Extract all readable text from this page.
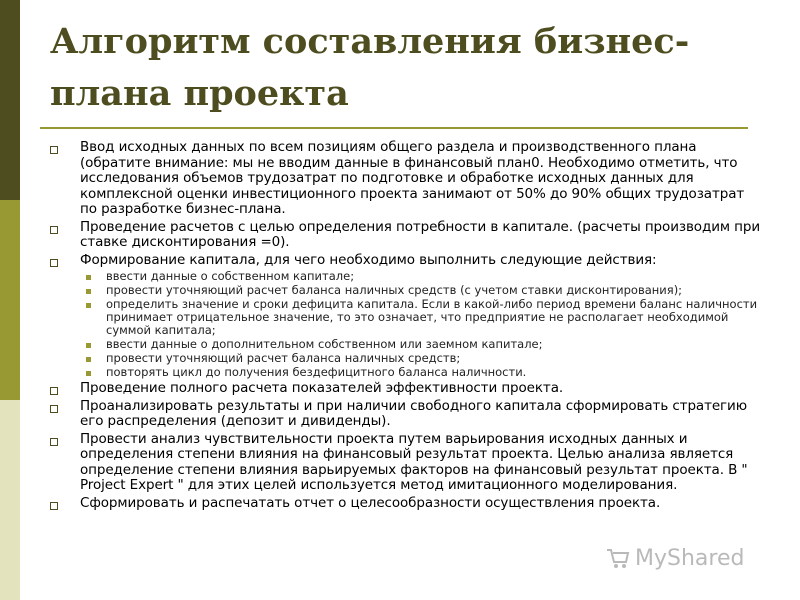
Алгоритм составления бизнес-плана проекта
Ввод исходных данных по всем позициям общего раздела и производственного плана (обратите внимание: мы не вводим данные в финансовый план0. Необходимо отметить, что исследования объемов трудозатрат по подготовке и обработке исходных данных для комплексной оценки инвестиционного проекта занимают от 50% до 90% общих трудозатрат по разработке бизнес-плана.
Проведение расчетов с целью определения потребности в капитале. (расчеты производим при ставке дисконтирования =0).
Формирование капитала, для чего необходимо выполнить следующие действия:
ввести данные о собственном капитале;
провести уточняющий расчет баланса наличных средств (с учетом ставки дисконтирования);
определить значение и сроки дефицита капитала. Если в какой-либо период времени баланс наличности принимает отрицательное значение, то это означает, что предприятие не располагает необходимой суммой капитала;
ввести данные о дополнительном собственном или заемном капитале;
провести уточняющий расчет баланса наличных средств;
повторять цикл до получения бездефицитного баланса наличности.
Проведение полного расчета показателей эффективности проекта.
Проанализировать результаты и при наличии свободного капитала сформировать стратегию его распределения (депозит и дивиденды).
Провести анализ чувствительности проекта путем варьирования исходных данных и определения степени влияния на финансовый результат проекта. Целью анализа является определение степени влияния варьируемых факторов на финансовый результат проекта. В " Project Expert " для этих целей используется метод имитационного моделирования.
Сформировать и распечатать отчет о целесообразности осуществления проекта.
MyShared
